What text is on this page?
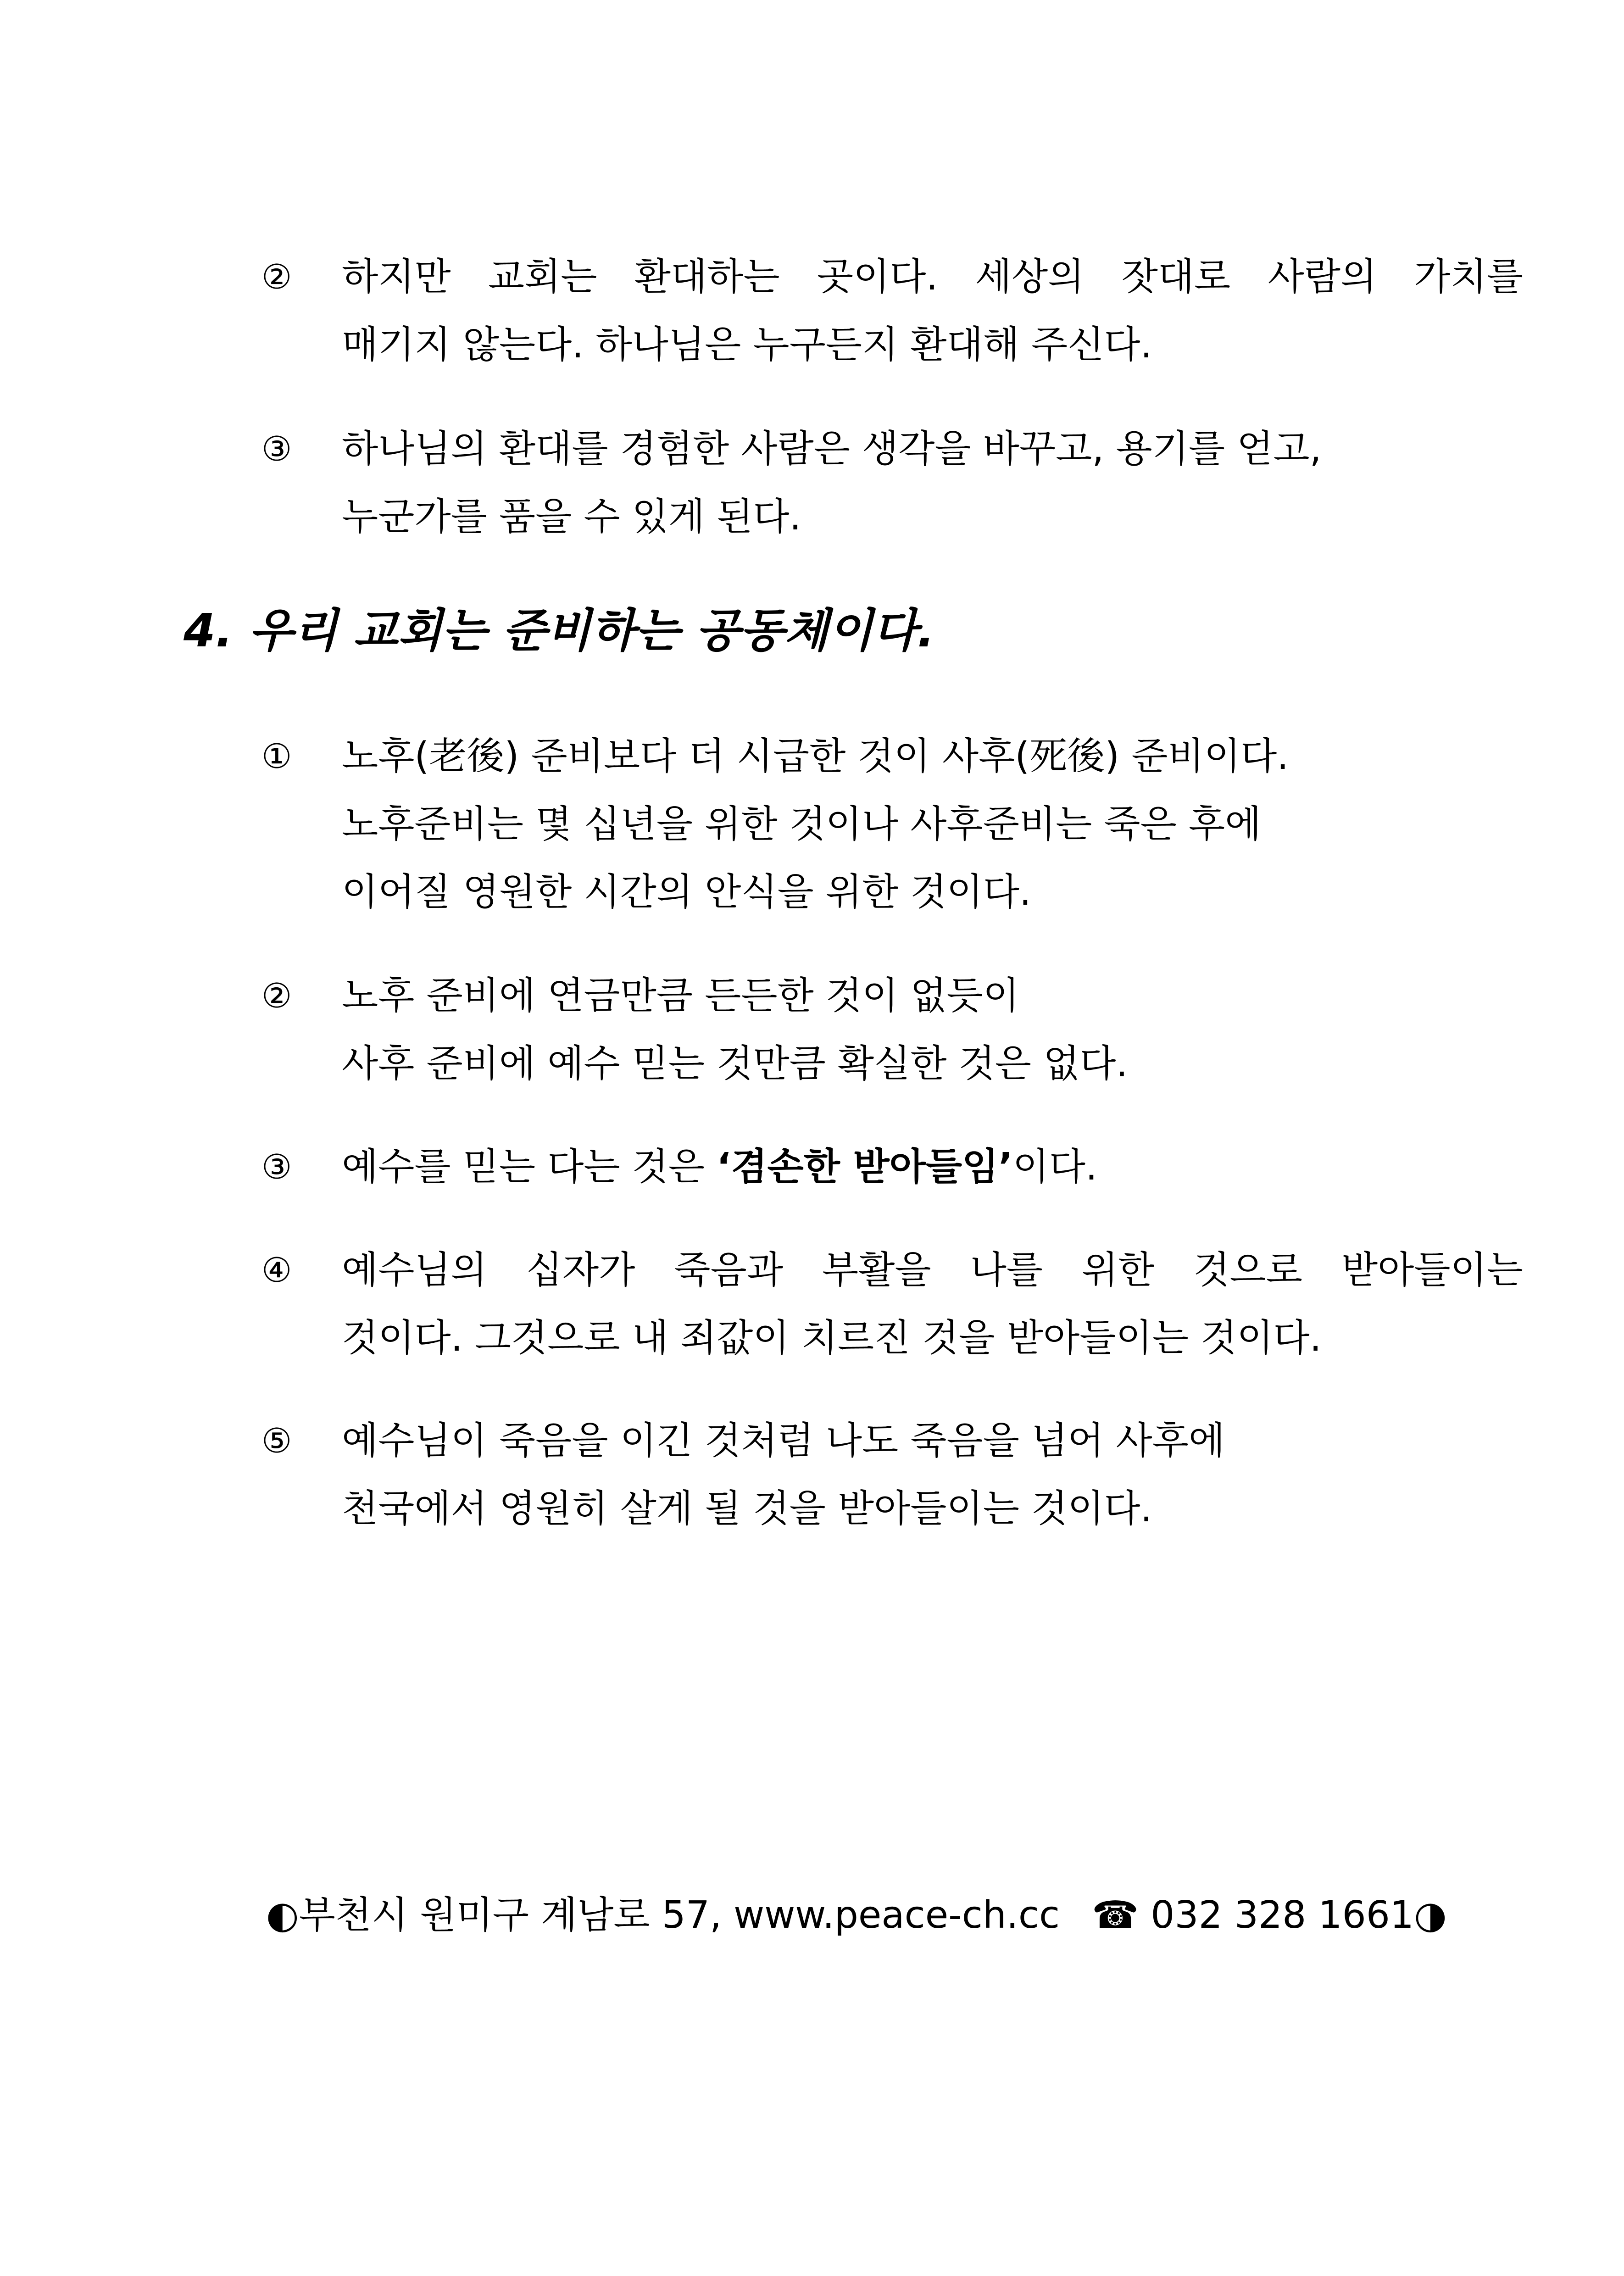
② 하지만 교회는 환대하는 곳이다. 세상의 잣대로 사람의 가치를
매기지 않는다. 하나님은 누구든지 환대해 주신다.
③ 하나님의 환대를 경험한 사람은 생각을 바꾸고, 용기를 얻고,
누군가를 품을 수 있게 된다.
4. 우리 교회는 준비하는 공동체이다.
① 노후(老後) 준비보다 더 시급한 것이 사후(死後) 준비이다.
노후준비는 몇 십년을 위한 것이나 사후준비는 죽은 후에
이어질 영원한 시간의 안식을 위한 것이다.
② 노후 준비에 연금만큼 든든한 것이 없듯이
사후 준비에 예수 믿는 것만큼 확실한 것은 없다.
③ 예수를 믿는 다는 것은 ‘겸손한 받아들임’이다.
④ 예수님의 십자가 죽음과 부활을 나를 위한 것으로 받아들이는
것이다. 그것으로 내 죄값이 치르진 것을 받아들이는 것이다.
⑤ 예수님이 죽음을 이긴 것처럼 나도 죽음을 넘어 사후에
천국에서 영원히 살게 될 것을 받아들이는 것이다.
◐부천시 원미구 계남로 57, www.peace-ch.cc ☎ 032 328 1661◑
